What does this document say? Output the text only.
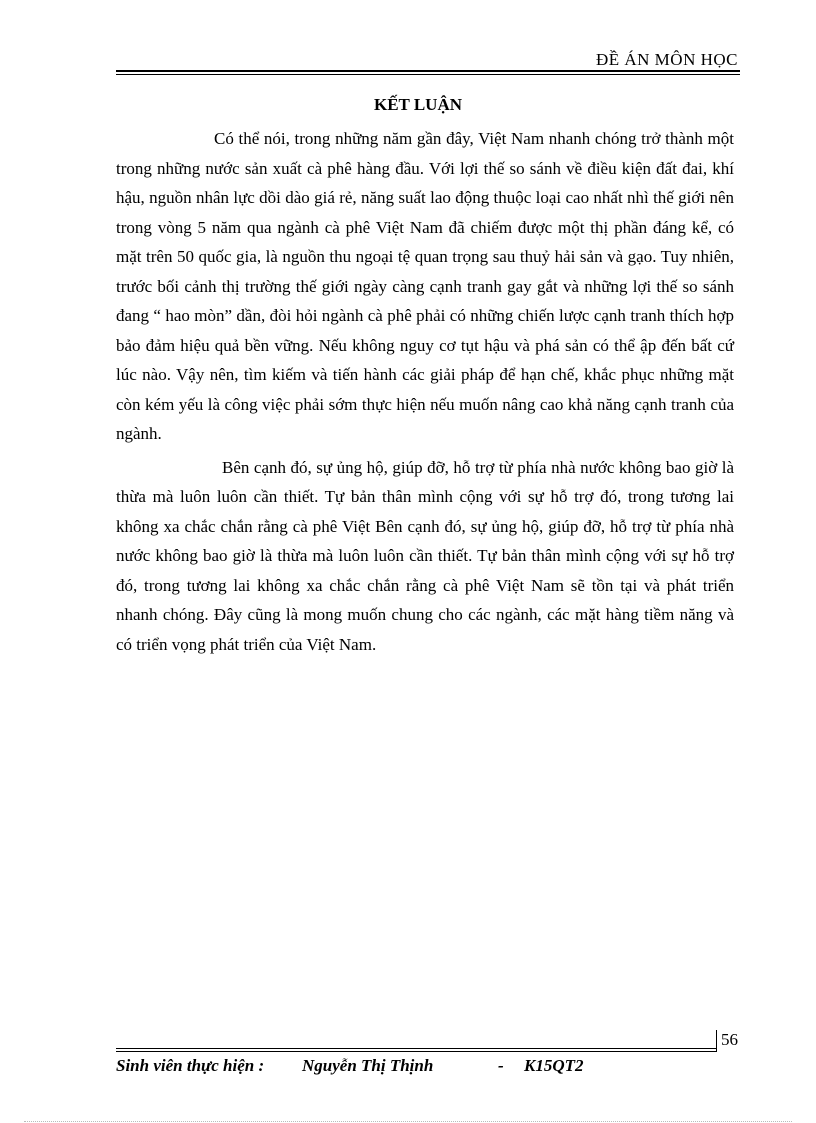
ĐỀ ÁN MÔN HỌC
KẾT LUẬN

Có thể nói, trong những năm gần đây, Việt Nam nhanh chóng trở thành một trong những nước sản xuất cà phê hàng đầu. Với lợi thế so sánh về điều kiện đất đai, khí hậu, nguồn nhân lực dồi dào giá rẻ, năng suất lao động thuộc loại cao nhất nhì thế giới nên trong vòng 5 năm qua ngành cà phê Việt Nam đã chiếm được một thị phần đáng kể, có mặt trên 50 quốc gia, là nguồn thu ngoại tệ quan trọng sau thuỷ hải sản và gạo. Tuy nhiên, trước bối cảnh thị trường thế giới ngày càng cạnh tranh gay gắt và những lợi thế so sánh đang “ hao mòn” dần, đòi hỏi ngành cà phê phải có những chiến lược cạnh tranh thích hợp bảo đảm hiệu quả bền vững. Nếu không nguy cơ tụt hậu và phá sản có thể ập đến bất cứ lúc nào. Vậy nên, tìm kiếm và tiến hành các giải pháp để hạn chế, khắc phục những mặt còn kém yếu là công việc phải sớm thực hiện nếu muốn nâng cao khả năng cạnh tranh của ngành.

Bên cạnh đó, sự ủng hộ, giúp đỡ, hỗ trợ từ phía nhà nước không bao giờ là thừa mà luôn luôn cần thiết. Tự bản thân mình cộng với sự hỗ trợ đó, trong tương lai không xa chắc chắn rằng cà phê Việt Bên cạnh đó, sự ủng hộ, giúp đỡ, hỗ trợ từ phía nhà nước không bao giờ là thừa mà luôn luôn cần thiết. Tự bản thân mình cộng với sự hỗ trợ đó, trong tương lai không xa chắc chắn rằng cà phê Việt Nam sẽ tồn tại và phát triển nhanh chóng. Đây cũng là mong muốn chung cho các ngành, các mặt hàng tiềm năng và có triển vọng phát triển của Việt Nam.

56
Sinh viên thực hiện : Nguyễn Thị Thịnh	- K15QT2
